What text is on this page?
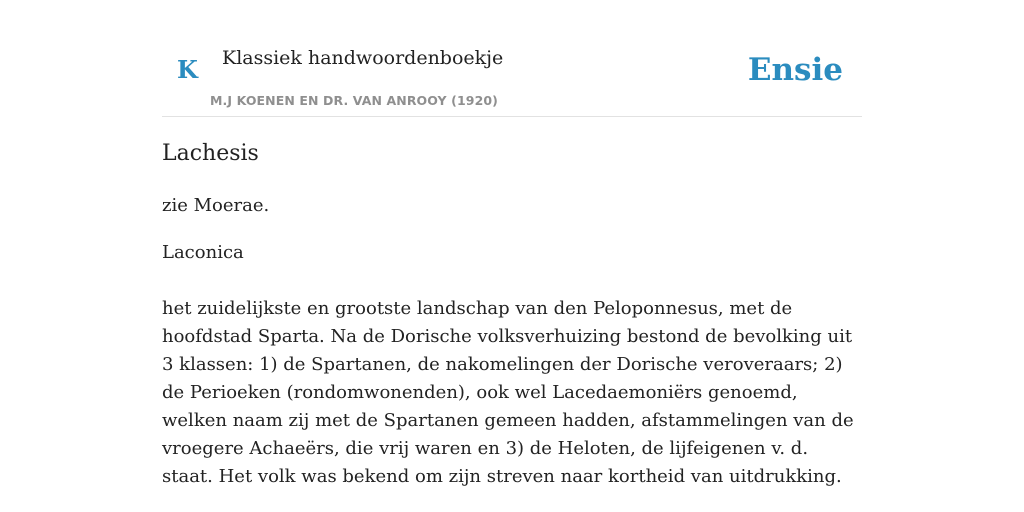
K Klassiek handwoordenboekje
M.J KOENEN EN DR. VAN ANROOY (1920)
Ensie
Lachesis

zie Moerae.

Laconica

het zuidelijkste en grootste landschap van den Peloponnesus, met de hoofdstad Sparta. Na de Dorische volksverhuizing bestond de bevolking uit 3 klassen: 1) de Spartanen, de nakomelingen der Dorische veroveraars; 2) de Perioeken (rondomwonenden), ook wel Lacedaemoniërs genoemd, welken naam zij met de Spartanen gemeen hadden, afstammelingen van de vroegere Achaeërs, die vrij waren en 3) de Heloten, de lijfeigenen v. d. staat. Het volk was bekend om zijn streven naar kortheid van uitdrukking.
